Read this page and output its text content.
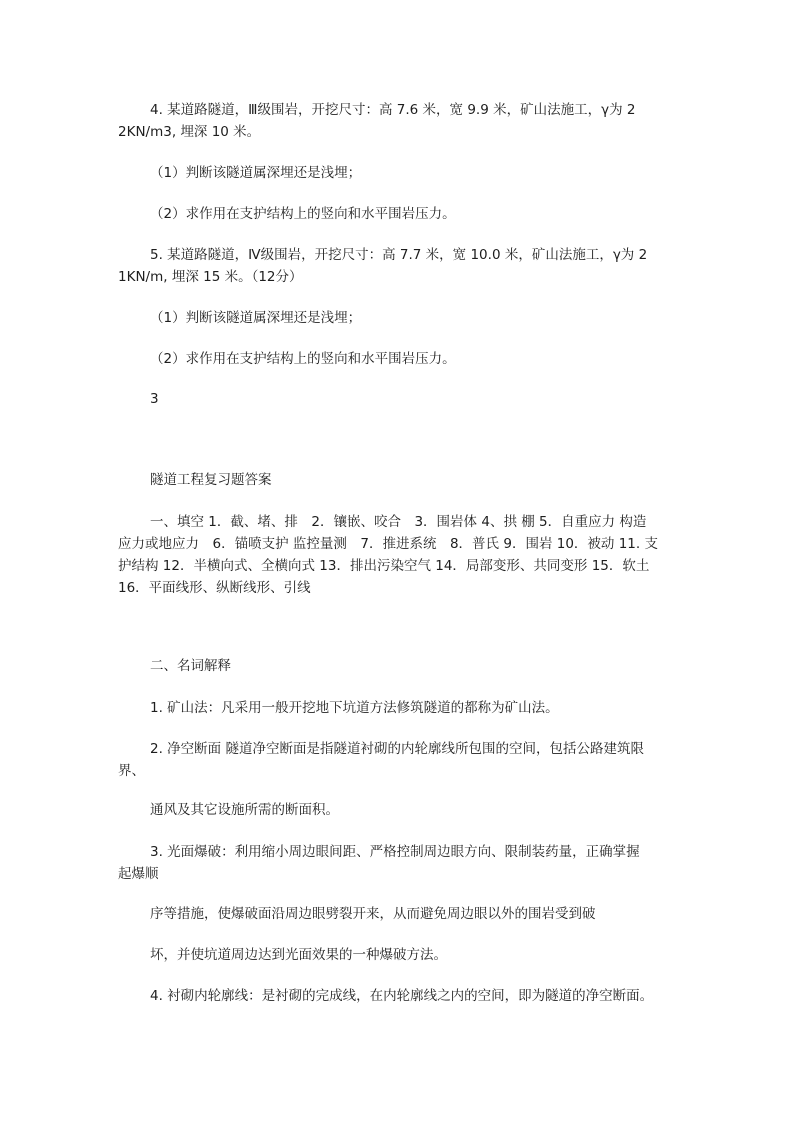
4. 某道路隧道，Ⅲ级围岩，开挖尺寸：高 7.6 米，宽 9.9 米，矿山法施工，γ为 2
2KN/m3, 埋深 10 米。
（1）判断该隧道属深埋还是浅埋；
（2）求作用在支护结构上的竖向和水平围岩压力。
5. 某道路隧道，Ⅳ级围岩，开挖尺寸：高 7.7 米，宽 10.0 米，矿山法施工，γ为 2
1KN/m, 埋深 15 米。（12分）
（1）判断该隧道属深埋还是浅埋；
（2）求作用在支护结构上的竖向和水平围岩压力。
3
隧道工程复习题答案
一、填空 1．截、堵、排　2．镶嵌、咬合　3．围岩体 4、拱 棚 5．自重应力 构造
应力或地应力　6．锚喷支护 监控量测　7．推进系统　8．普氏 9．围岩 10．被动 11. 支
护结构 12．半横向式、全横向式 13．排出污染空气 14．局部变形、共同变形 15．软土
16．平面线形、纵断线形、引线
二、名词解释
1. 矿山法：凡采用一般开挖地下坑道方法修筑隧道的都称为矿山法。
2. 净空断面 隧道净空断面是指隧道衬砌的内轮廓线所包围的空间，包括公路建筑限
界、
通风及其它设施所需的断面积。
3. 光面爆破：利用缩小周边眼间距、严格控制周边眼方向、限制装药量，正确掌握
起爆顺
序等措施，使爆破面沿周边眼劈裂开来，从而避免周边眼以外的围岩受到破
坏，并使坑道周边达到光面效果的一种爆破方法。
4. 衬砌内轮廓线：是衬砌的完成线，在内轮廓线之内的空间，即为隧道的净空断面。
